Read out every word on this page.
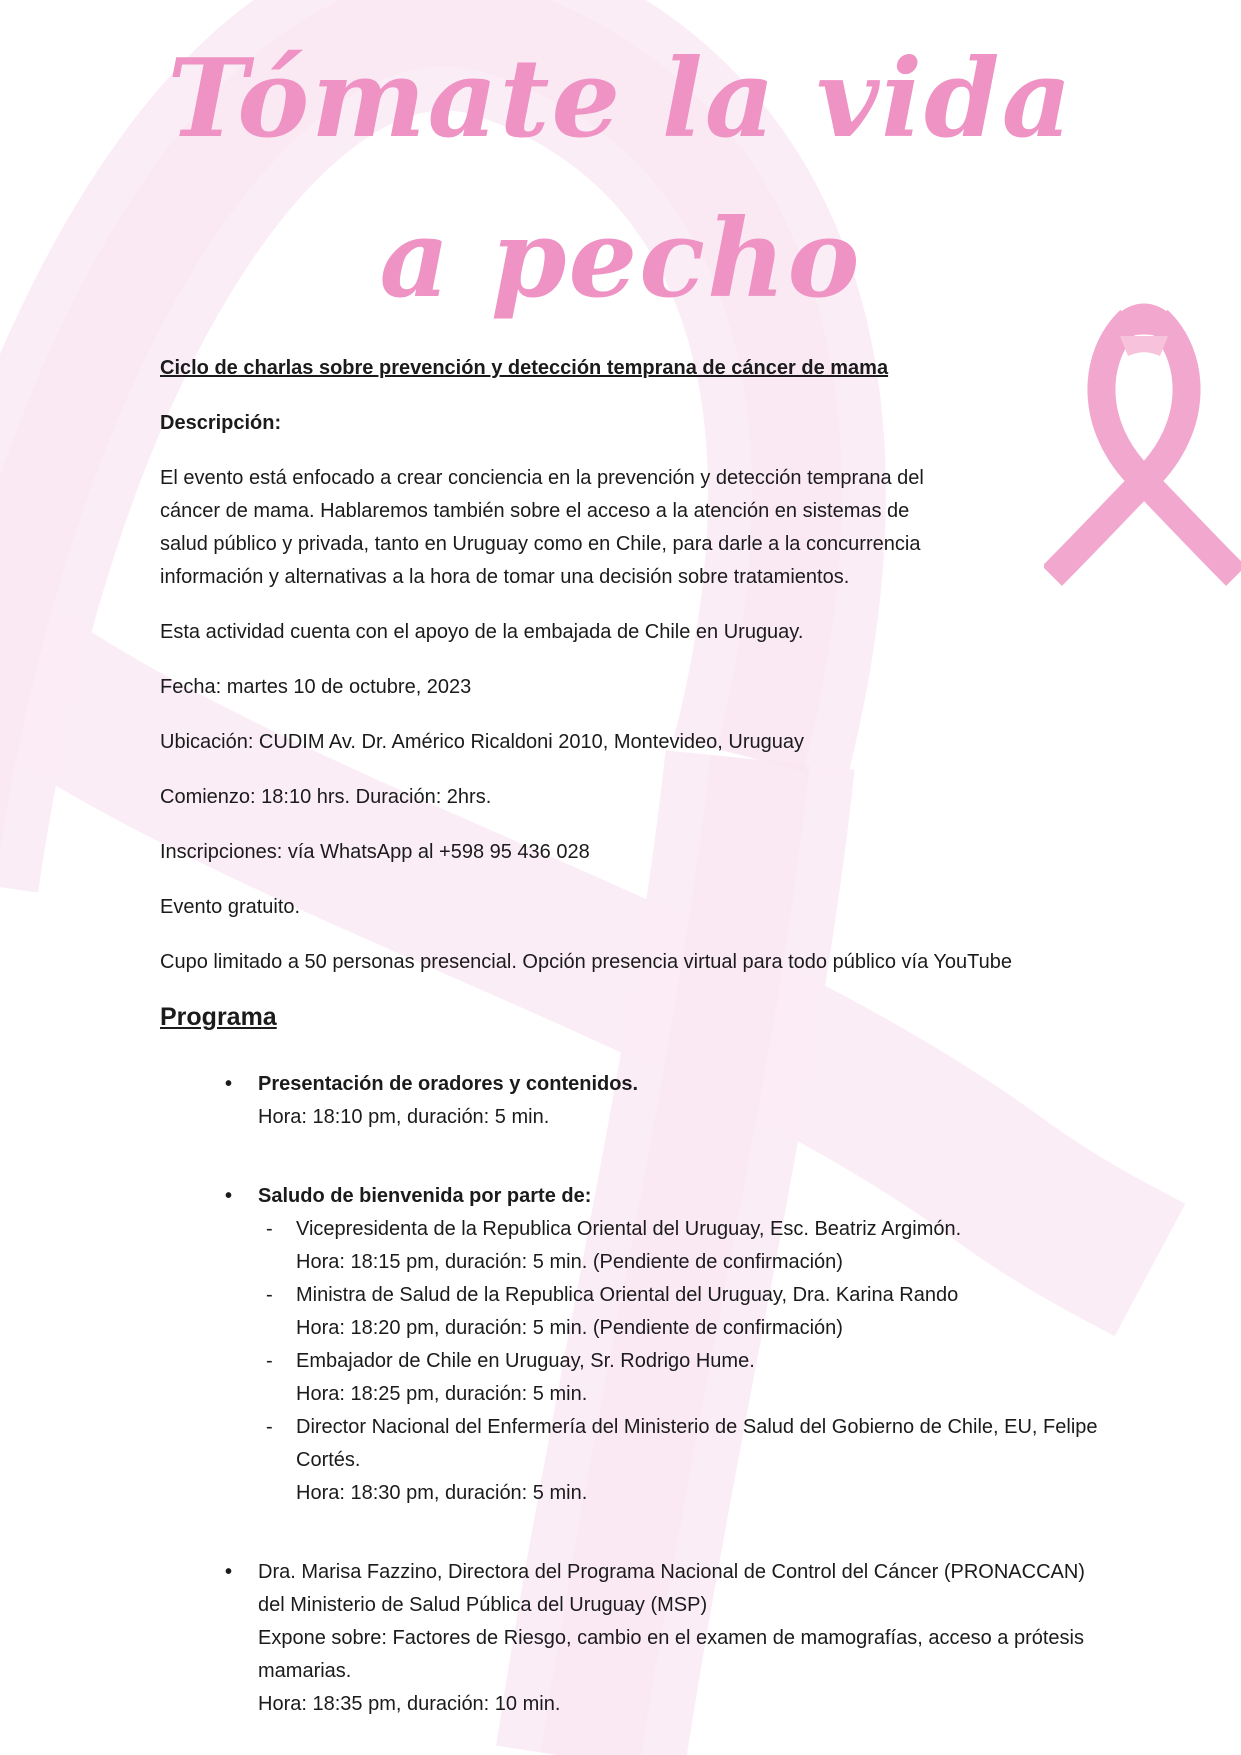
Tómate la vida
a pecho

Ciclo de charlas sobre prevención y detección temprana de cáncer de mama

Descripción:

El evento está enfocado a crear conciencia en la prevención y detección temprana del cáncer de mama. Hablaremos también sobre el acceso a la atención en sistemas de salud público y privada, tanto en Uruguay como en Chile, para darle a la concurrencia información y alternativas a la hora de tomar una decisión sobre tratamientos.

Esta actividad cuenta con el apoyo de la embajada de Chile en Uruguay.

Fecha: martes 10 de octubre, 2023

Ubicación: CUDIM Av. Dr. Américo Ricaldoni 2010, Montevideo, Uruguay

Comienzo: 18:10 hrs. Duración: 2hrs.

Inscripciones: vía WhatsApp al +598 95 436 028

Evento gratuito.

Cupo limitado a 50 personas presencial. Opción presencia virtual para todo público vía YouTube

Programa
•	Presentación de oradores y contenidos.

Hora: 18:10 pm, duración: 5 min.

•	Saludo de bienvenida por parte de:

-	Vicepresidenta de la Republica Oriental del Uruguay, Esc. Beatriz Argimón.

Hora: 18:15 pm, duración: 5 min. (Pendiente de confirmación)

-	Ministra de Salud de la Republica Oriental del Uruguay, Dra. Karina Rando

Hora: 18:20 pm, duración: 5 min. (Pendiente de confirmación)

-	Embajador de Chile en Uruguay, Sr. Rodrigo Hume.

Hora: 18:25 pm, duración: 5 min.

-	Director Nacional del Enfermería del Ministerio de Salud del Gobierno de Chile, EU, Felipe Cortés.

Hora: 18:30 pm, duración: 5 min.

•	Dra. Marisa Fazzino, Directora del Programa Nacional de Control del Cáncer (PRONACCAN) del Ministerio de Salud Pública del Uruguay (MSP)

Expone sobre: Factores de Riesgo, cambio en el examen de mamografías, acceso a prótesis mamarias.

Hora: 18:35 pm, duración: 10 min.
